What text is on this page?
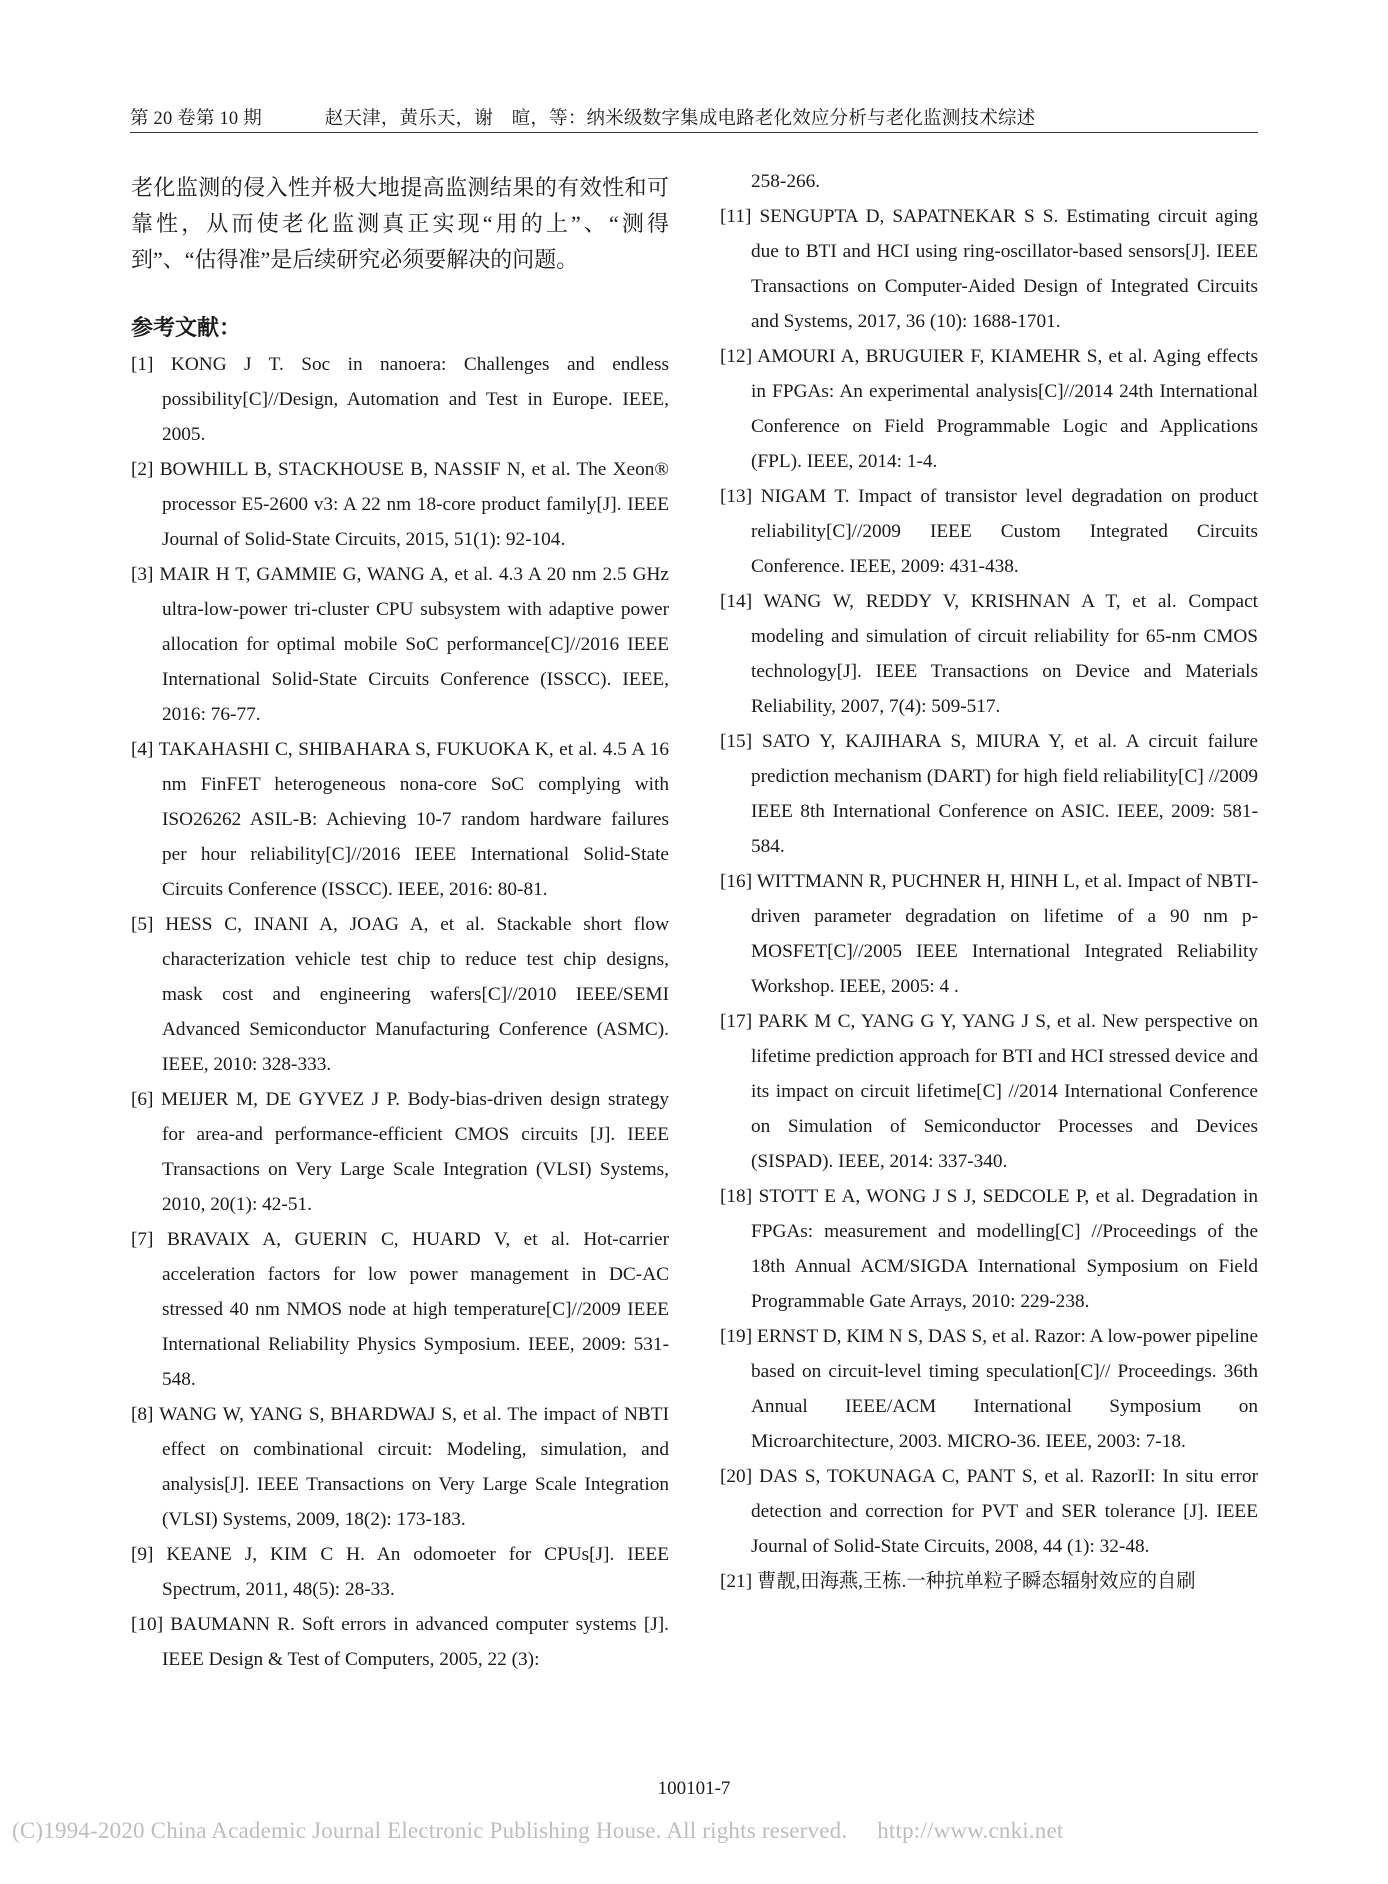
第 20 卷第 10 期	赵天津，黄乐天，谢　暄，等：纳米级数字集成电路老化效应分析与老化监测技术综述

老化监测的侵入性并极大地提高监测结果的有效性和可靠性，从而使老化监测真正实现“用的上”、“测得到”、“估得准”是后续研究必须要解决的问题。

参考文献：
[1] KONG J T. Soc in nanoera: Challenges and endless possibility[C]//Design, Automation and Test in Europe. IEEE, 2005.
[2] BOWHILL B, STACKHOUSE B, NASSIF N, et al. The Xeon® processor E5-2600 v3: A 22 nm 18-core product family[J]. IEEE Journal of Solid-State Circuits, 2015, 51(1): 92-104.
[3] MAIR H T, GAMMIE G, WANG A, et al. 4.3 A 20 nm 2.5 GHz ultra-low-power tri-cluster CPU subsystem with adaptive power allocation for optimal mobile SoC performance[C]//2016 IEEE International Solid-State Circuits Conference (ISSCC). IEEE, 2016: 76-77.
[4] TAKAHASHI C, SHIBAHARA S, FUKUOKA K, et al. 4.5 A 16 nm FinFET heterogeneous nona-core SoC complying with ISO26262 ASIL-B: Achieving 10-7 random hardware failures per hour reliability[C]//2016 IEEE International Solid-State Circuits Conference (ISSCC). IEEE, 2016: 80-81.
[5] HESS C, INANI A, JOAG A, et al. Stackable short flow characterization vehicle test chip to reduce test chip designs, mask cost and engineering wafers[C]//2010 IEEE/SEMI Advanced Semiconductor Manufacturing Conference (ASMC). IEEE, 2010: 328-333.
[6] MEIJER M, DE GYVEZ J P. Body-bias-driven design strategy for area-and performance-efficient CMOS circuits [J]. IEEE Transactions on Very Large Scale Integration (VLSI) Systems, 2010, 20(1): 42-51.
[7] BRAVAIX A, GUERIN C, HUARD V, et al. Hot-carrier acceleration factors for low power management in DC-AC stressed 40 nm NMOS node at high temperature[C]//2009 IEEE International Reliability Physics Symposium. IEEE, 2009: 531-548.
[8] WANG W, YANG S, BHARDWAJ S, et al. The impact of NBTI effect on combinational circuit: Modeling, simulation, and analysis[J]. IEEE Transactions on Very Large Scale Integration (VLSI) Systems, 2009, 18(2): 173-183.
[9] KEANE J, KIM C H. An odomoeter for CPUs[J]. IEEE Spectrum, 2011, 48(5): 28-33.
[10] BAUMANN R. Soft errors in advanced computer systems [J]. IEEE Design & Test of Computers, 2005, 22 (3):
258-266.
[11] SENGUPTA D, SAPATNEKAR S S. Estimating circuit aging due to BTI and HCI using ring-oscillator-based sensors[J]. IEEE Transactions on Computer-Aided Design of Integrated Circuits and Systems, 2017, 36 (10): 1688-1701.
[12] AMOURI A, BRUGUIER F, KIAMEHR S, et al. Aging effects in FPGAs: An experimental analysis[C]//2014 24th International Conference on Field Programmable Logic and Applications (FPL). IEEE, 2014: 1-4.
[13] NIGAM T. Impact of transistor level degradation on product reliability[C]//2009 IEEE Custom Integrated Circuits Conference. IEEE, 2009: 431-438.
[14] WANG W, REDDY V, KRISHNAN A T, et al. Compact modeling and simulation of circuit reliability for 65-nm CMOS technology[J]. IEEE Transactions on Device and Materials Reliability, 2007, 7(4): 509-517.
[15] SATO Y, KAJIHARA S, MIURA Y, et al. A circuit failure prediction mechanism (DART) for high field reliability[C] //2009 IEEE 8th International Conference on ASIC. IEEE, 2009: 581-584.
[16] WITTMANN R, PUCHNER H, HINH L, et al. Impact of NBTI-driven parameter degradation on lifetime of a 90 nm p-MOSFET[C]//2005 IEEE International Integrated Reliability Workshop. IEEE, 2005: 4 .
[17] PARK M C, YANG G Y, YANG J S, et al. New perspective on lifetime prediction approach for BTI and HCI stressed device and its impact on circuit lifetime[C] //2014 International Conference on Simulation of Semiconductor Processes and Devices (SISPAD). IEEE, 2014: 337-340.
[18] STOTT E A, WONG J S J, SEDCOLE P, et al. Degradation in FPGAs: measurement and modelling[C] //Proceedings of the 18th Annual ACM/SIGDA International Symposium on Field Programmable Gate Arrays, 2010: 229-238.
[19] ERNST D, KIM N S, DAS S, et al. Razor: A low-power pipeline based on circuit-level timing speculation[C]// Proceedings. 36th Annual IEEE/ACM International Symposium on Microarchitecture, 2003. MICRO-36. IEEE, 2003: 7-18.
[20] DAS S, TOKUNAGA C, PANT S, et al. RazorII: In situ error detection and correction for PVT and SER tolerance [J]. IEEE Journal of Solid-State Circuits, 2008, 44 (1): 32-48.
[21] 曹靓,田海燕,王栋.一种抗单粒子瞬态辐射效应的自刷
100101-7
(C)1994-2020 China Academic Journal Electronic Publishing House. All rights reserved. http://www.cnki.net
